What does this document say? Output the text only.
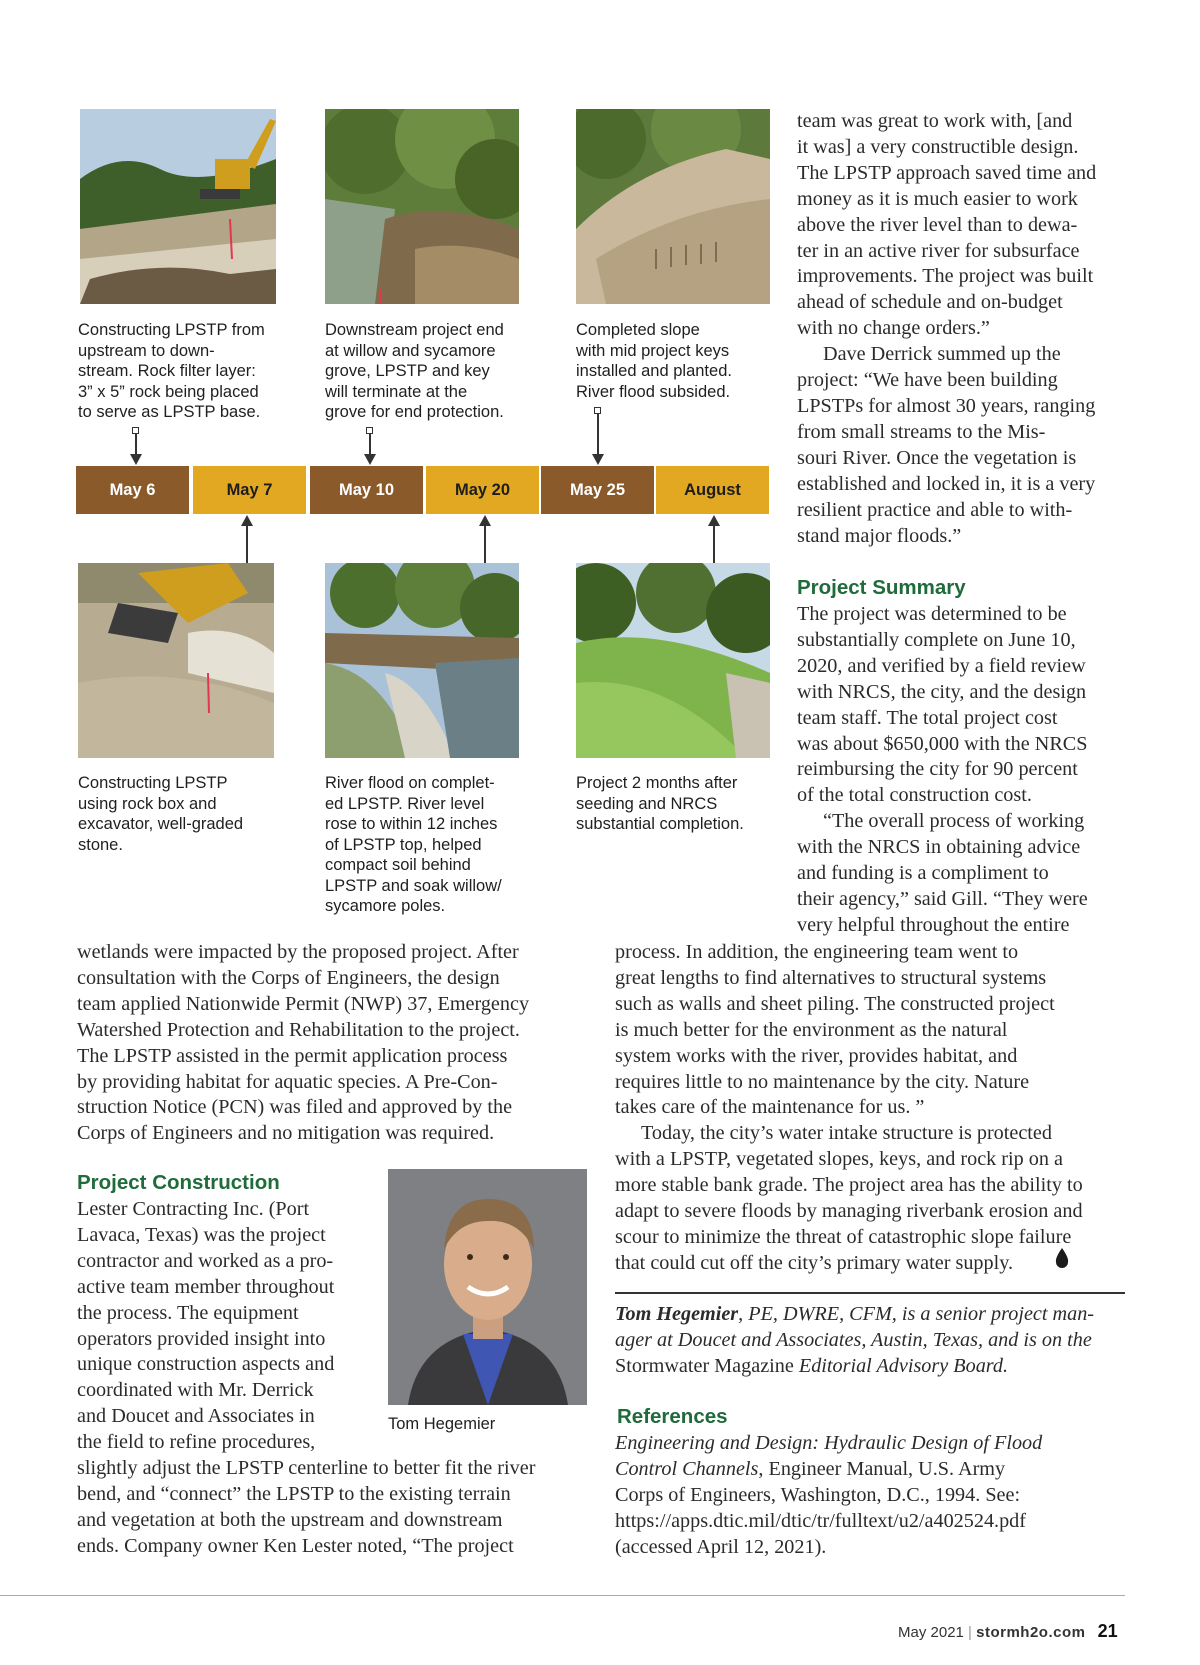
Constructing LPSTP from
upstream to down-
stream. Rock filter layer:
3” x 5” rock being placed
to serve as LPSTP base.
Downstream project end
at willow and sycamore
grove, LPSTP and key
will terminate at the
grove for end protection.
Completed slope
with mid project keys
installed and planted.
River flood subsided.
May 6	May 7	May 10	May 20	May 25	August
Constructing LPSTP
using rock box and
excavator, well-graded
stone.
River flood on complet-
ed LPSTP. River level
rose to within 12 inches
of LPSTP top, helped
compact soil behind
LPSTP and soak willow/
sycamore poles.
Project 2 months after
seeding and NRCS
substantial completion.
team was great to work with, [and
it was] a very constructible design.
The LPSTP approach saved time and
money as it is much easier to work
above the river level than to dewa-
ter in an active river for subsurface
improvements. The project was built
ahead of schedule and on-budget
with no change orders.”
Dave Derrick summed up the
project: “We have been building
LPSTPs for almost 30 years, ranging
from small streams to the Mis-
souri River. Once the vegetation is
established and locked in, it is a very
resilient practice and able to with-
stand major floods.”
Project Summary
The project was determined to be
substantially complete on June 10,
2020, and verified by a field review
with NRCS, the city, and the design
team staff. The total project cost
was about $650,000 with the NRCS
reimbursing the city for 90 percent
of the total construction cost.
“The overall process of working
with the NRCS in obtaining advice
and funding is a compliment to
their agency,” said Gill. “They were
very helpful throughout the entire
wetlands were impacted by the proposed project. After
consultation with the Corps of Engineers, the design
team applied Nationwide Permit (NWP) 37, Emergency
Watershed Protection and Rehabilitation to the project.
The LPSTP assisted in the permit application process
by providing habitat for aquatic species. A Pre-Con-
struction Notice (PCN) was filed and approved by the
Corps of Engineers and no mitigation was required.
Project Construction
Lester Contracting Inc. (Port
Lavaca, Texas) was the project
contractor and worked as a pro-
active team member throughout
the process. The equipment
operators provided insight into
unique construction aspects and
coordinated with Mr. Derrick
and Doucet and Associates in
the field to refine procedures,
slightly adjust the LPSTP centerline to better fit the river
bend, and “connect” the LPSTP to the existing terrain
and vegetation at both the upstream and downstream
ends. Company owner Ken Lester noted, “The project
Tom Hegemier
process. In addition, the engineering team went to
great lengths to find alternatives to structural systems
such as walls and sheet piling. The constructed project
is much better for the environment as the natural
system works with the river, provides habitat, and
requires little to no maintenance by the city. Nature
takes care of the maintenance for us. ”
Today, the city’s water intake structure is protected
with a LPSTP, vegetated slopes, keys, and rock rip on a
more stable bank grade. The project area has the ability to
adapt to severe floods by managing riverbank erosion and
scour to minimize the threat of catastrophic slope failure
that could cut off the city’s primary water supply.
Tom Hegemier, PE, DWRE, CFM, is a senior project man-
ager at Doucet and Associates, Austin, Texas, and is on the
Stormwater Magazine Editorial Advisory Board.
References
Engineering and Design: Hydraulic Design of Flood
Control Channels, Engineer Manual, U.S. Army
Corps of Engineers, Washington, D.C., 1994. See:
https://apps.dtic.mil/dtic/tr/fulltext/u2/a402524.pdf
(accessed April 12, 2021).
May 2021 | stormh2o.com 21
